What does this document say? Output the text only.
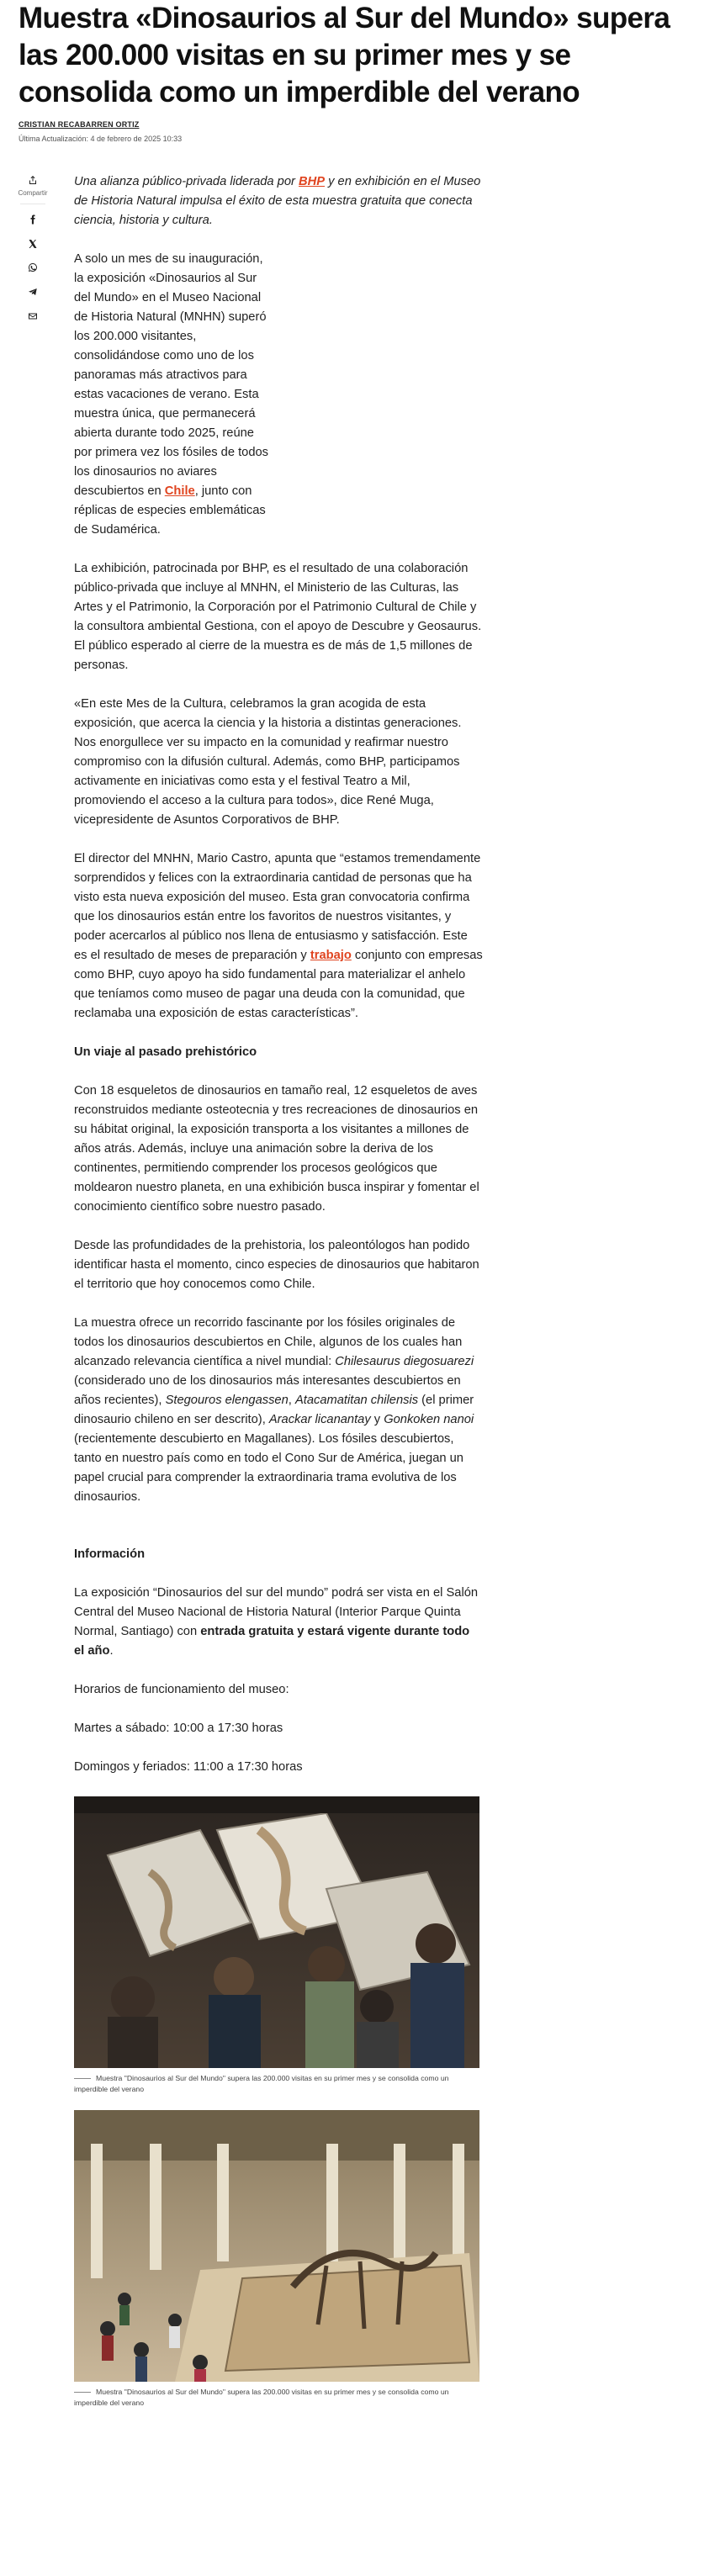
Muestra «Dinosaurios al Sur del Mundo» supera las 200.000 visitas en su primer mes y se consolida como un imperdible del verano
CRISTIAN RECABARREN ORTIZ
Última Actualización: 4 de febrero de 2025 10:33
Compartir

Una alianza público-privada liderada por BHP y en exhibición en el Museo de Historia Natural impulsa el éxito de esta muestra gratuita que conecta ciencia, historia y cultura.

A solo un mes de su inauguración, la exposición «Dinosaurios al Sur del Mundo» en el Museo Nacional de Historia Natural (MNHN) superó los 200.000 visitantes, consolidándose como uno de los panoramas más atractivos para estas vacaciones de verano. Esta muestra única, que permanecerá abierta durante todo 2025, reúne por primera vez los fósiles de todos los dinosaurios no aviares descubiertos en Chile, junto con réplicas de especies emblemáticas de Sudamérica.

La exhibición, patrocinada por BHP, es el resultado de una colaboración público-privada que incluye al MNHN, el Ministerio de las Culturas, las Artes y el Patrimonio, la Corporación por el Patrimonio Cultural de Chile y la consultora ambiental Gestiona, con el apoyo de Descubre y Geosaurus. El público esperado al cierre de la muestra es de más de 1,5 millones de personas.

«En este Mes de la Cultura, celebramos la gran acogida de esta exposición, que acerca la ciencia y la historia a distintas generaciones. Nos enorgullece ver su impacto en la comunidad y reafirmar nuestro compromiso con la difusión cultural. Además, como BHP, participamos activamente en iniciativas como esta y el festival Teatro a Mil, promoviendo el acceso a la cultura para todos», dice René Muga, vicepresidente de Asuntos Corporativos de BHP.

El director del MNHN, Mario Castro, apunta que “estamos tremendamente sorprendidos y felices con la extraordinaria cantidad de personas que ha visto esta nueva exposición del museo. Esta gran convocatoria confirma que los dinosaurios están entre los favoritos de nuestros visitantes, y poder acercarlos al público nos llena de entusiasmo y satisfacción. Este es el resultado de meses de preparación y trabajo conjunto con empresas como BHP, cuyo apoyo ha sido fundamental para materializar el anhelo que teníamos como museo de pagar una deuda con la comunidad, que reclamaba una exposición de estas características”.

Un viaje al pasado prehistórico

Con 18 esqueletos de dinosaurios en tamaño real, 12 esqueletos de aves reconstruidos mediante osteotecnia y tres recreaciones de dinosaurios en su hábitat original, la exposición transporta a los visitantes a millones de años atrás. Además, incluye una animación sobre la deriva de los continentes, permitiendo comprender los procesos geológicos que moldearon nuestro planeta, en una exhibición busca inspirar y fomentar el conocimiento científico sobre nuestro pasado.

Desde las profundidades de la prehistoria, los paleontólogos han podido identificar hasta el momento, cinco especies de dinosaurios que habitaron el territorio que hoy conocemos como Chile.

La muestra ofrece un recorrido fascinante por los fósiles originales de todos los dinosaurios descubiertos en Chile, algunos de los cuales han alcanzado relevancia científica a nivel mundial: Chilesaurus diegosuarezi (considerado uno de los dinosaurios más interesantes descubiertos en años recientes), Stegouros elengassen, Atacamatitan chilensis (el primer dinosaurio chileno en ser descrito), Arackar licanantay y Gonkoken nanoi (recientemente descubierto en Magallanes). Los fósiles descubiertos, tanto en nuestro país como en todo el Cono Sur de América, juegan un papel crucial para comprender la extraordinaria trama evolutiva de los dinosaurios.

Información

La exposición “Dinosaurios del sur del mundo” podrá ser vista en el Salón Central del Museo Nacional de Historia Natural (Interior Parque Quinta Normal, Santiago) con entrada gratuita y estará vigente durante todo el año.

Horarios de funcionamiento del museo:

Martes a sábado: 10:00 a 17:30 horas

Domingos y feriados: 11:00 a 17:30 horas

Muestra "Dinosaurios al Sur del Mundo" supera las 200.000 visitas en su primer mes y se consolida como un imperdible del verano
Muestra "Dinosaurios al Sur del Mundo" supera las 200.000 visitas en su primer mes y se consolida como un imperdible del verano
